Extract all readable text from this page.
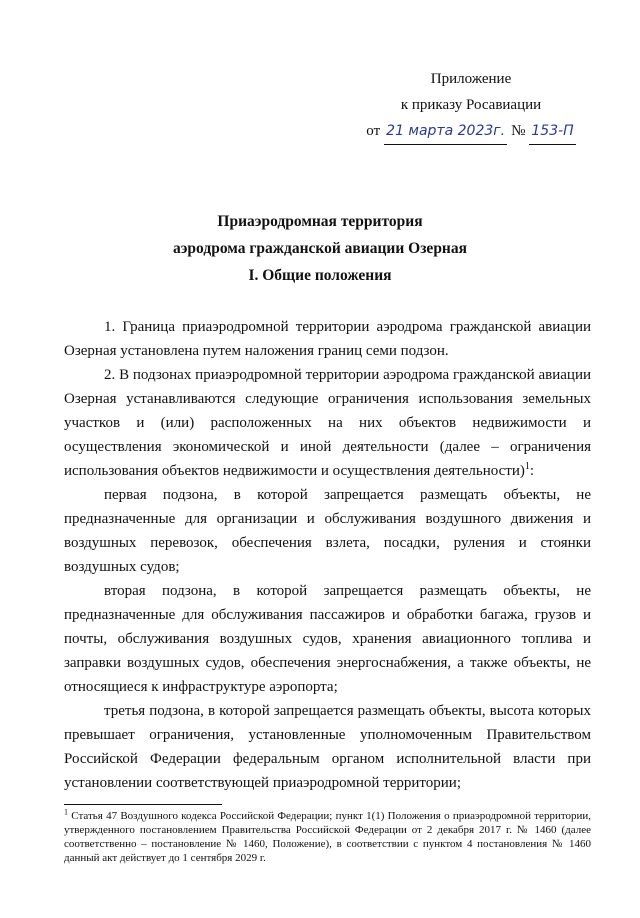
Приложение
к приказу Росавиации
от 21 марта 2023г. № 153-П
Приаэродромная территория
аэродрома гражданской авиации Озерная
I. Общие положения

1. Граница приаэродромной территории аэродрома гражданской авиации Озерная установлена путем наложения границ семи подзон.

2. В подзонах приаэродромной территории аэродрома гражданской авиации Озерная устанавливаются следующие ограничения использования земельных участков и (или) расположенных на них объектов недвижимости и осуществления экономической и иной деятельности (далее – ограничения использования объектов недвижимости и осуществления деятельности)$^1$:

первая подзона, в которой запрещается размещать объекты, не предназначенные для организации и обслуживания воздушного движения и воздушных перевозок, обеспечения взлета, посадки, руления и стоянки воздушных судов;

вторая подзона, в которой запрещается размещать объекты, не предназначенные для обслуживания пассажиров и обработки багажа, грузов и почты, обслуживания воздушных судов, хранения авиационного топлива и заправки воздушных судов, обеспечения энергоснабжения, а также объекты, не относящиеся к инфраструктуре аэропорта;

третья подзона, в которой запрещается размещать объекты, высота которых превышает ограничения, установленные уполномоченным Правительством Российской Федерации федеральным органом исполнительной власти при установлении соответствующей приаэродромной территории;

$^1$ Статья 47 Воздушного кодекса Российской Федерации; пункт 1(1) Положения о приаэродромной территории, утвержденного постановлением Правительства Российской Федерации от 2 декабря 2017 г. № 1460 (далее соответственно – постановление № 1460, Положение), в соответствии с пунктом 4 постановления № 1460 данный акт действует до 1 сентября 2029 г.
